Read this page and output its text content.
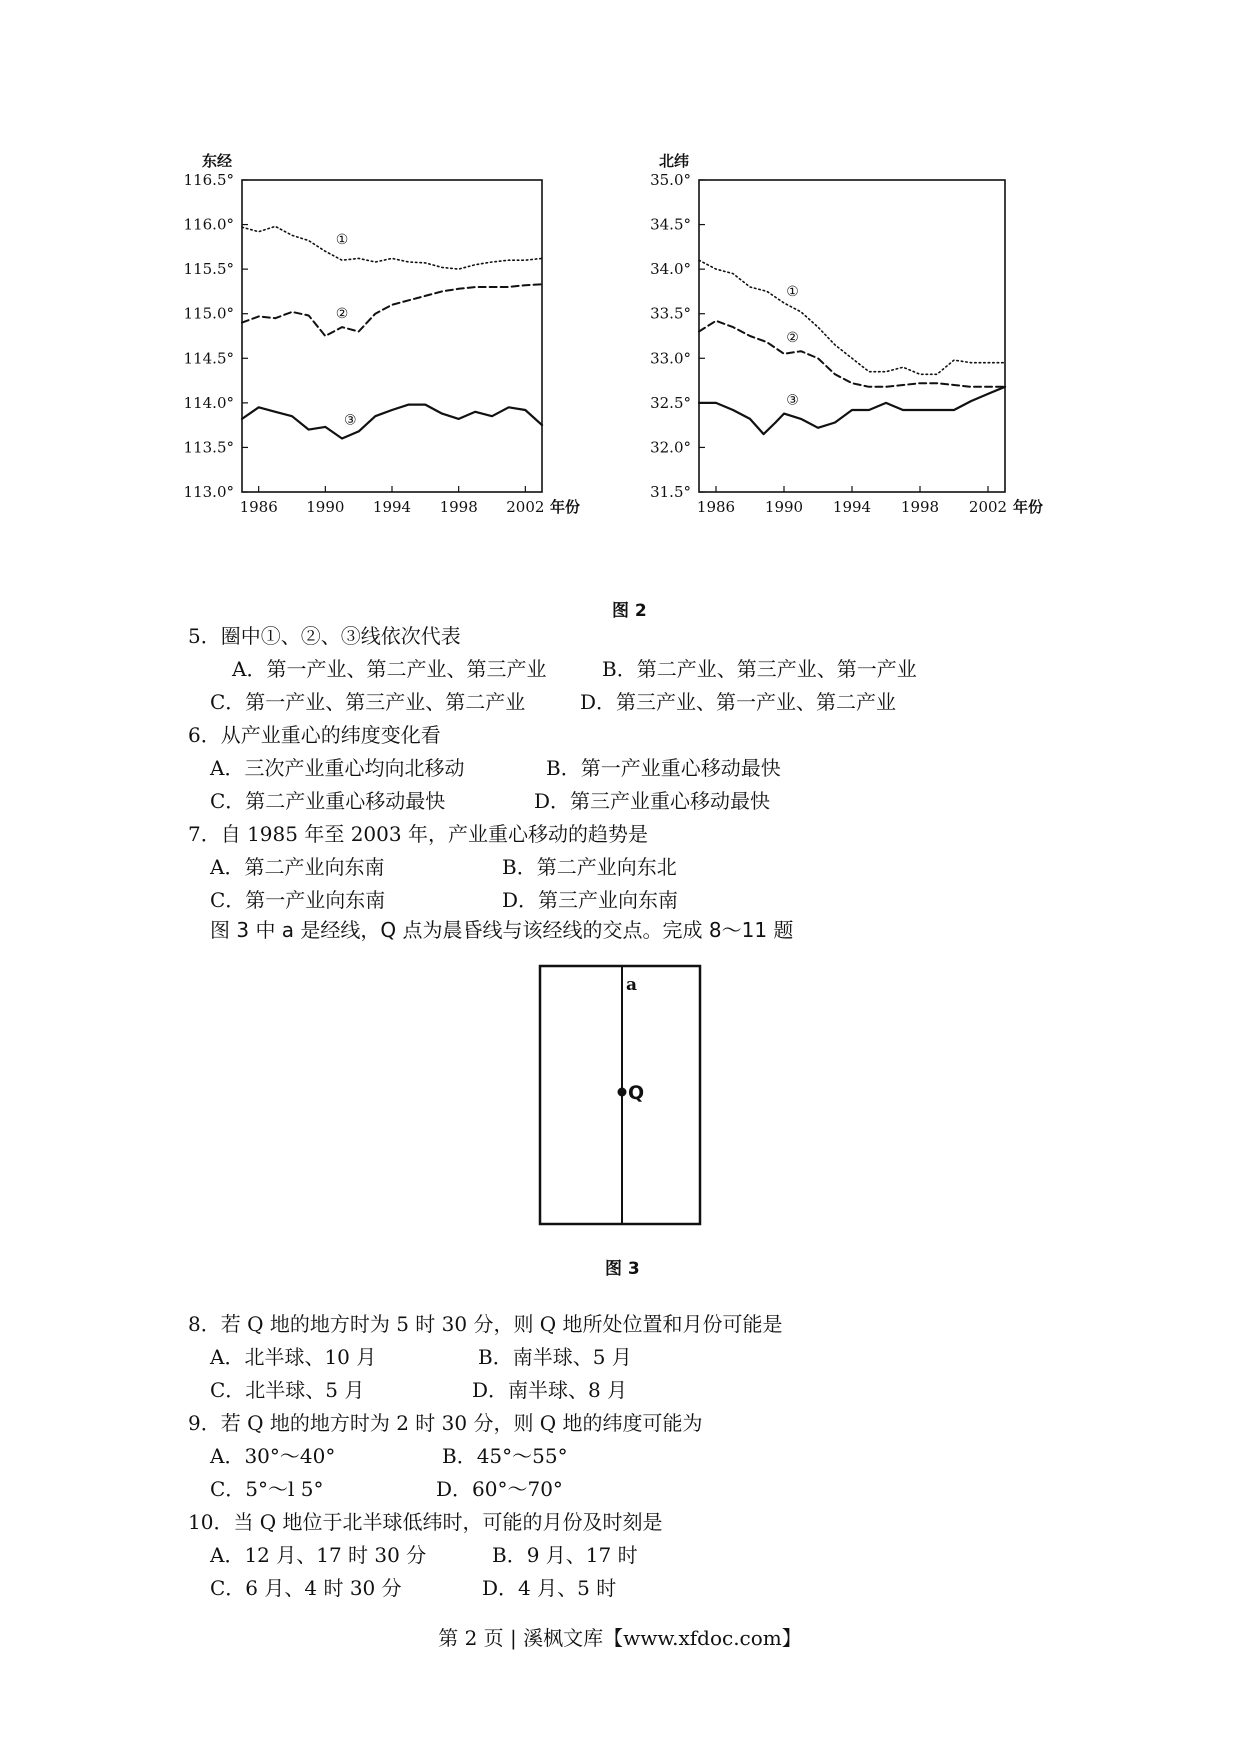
116.5°
116.0°
115.5°
115.0°
114.5°
114.0°
113.5°
113.0°
1986 1990 1994 1998 2002
东经
年份
①
②
③
35.0°
34.5°
34.0°
33.5°
33.0°
32.5°
32.0°
31.5°
1986 1990 1994 1998 2002
北纬
年份
①
②
③
图 2
5．圈中①、②、③线依次代表
A．第一产业、第二产业、第三产业	B．第二产业、第三产业、第一产业
C．第一产业、第三产业、第二产业	D．第三产业、第一产业、第二产业
6．从产业重心的纬度变化看
A．三次产业重心均向北移动	B．第一产业重心移动最快
C．第二产业重心移动最快	D．第三产业重心移动最快
7．自 1985 年至 2003 年，产业重心移动的趋势是
A．第二产业向东南	B．第二产业向东北
C．第一产业向东南	D．第三产业向东南
图 3 中 a 是经线，Q 点为晨昏线与该经线的交点。完成 8～11 题
a
Q
图 3
8．若 Q 地的地方时为 5 时 30 分，则 Q 地所处位置和月份可能是
A．北半球、10 月	B．南半球、5 月
C．北半球、5 月	D．南半球、8 月
9．若 Q 地的地方时为 2 时 30 分，则 Q 地的纬度可能为
A．30°～40°	B．45°～55°
C．5°～l 5°	D．60°～70°
10．当 Q 地位于北半球低纬时，可能的月份及时刻是
A．12 月、17 时 30 分	B．9 月、17 时
C．6 月、4 时 30 分	D．4 月、5 时
第 2 页 | 溪枫文库【www.xfdoc.com】
